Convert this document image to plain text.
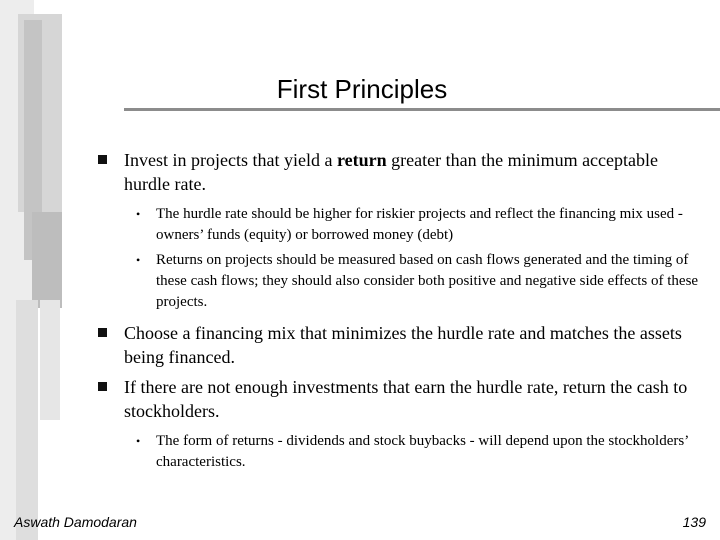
First Principles
Invest in projects that yield a return greater than the minimum acceptable hurdle rate.
• The hurdle rate should be higher for riskier projects and reflect the financing mix used - owners’ funds (equity) or borrowed money (debt)
• Returns on projects should be measured based on cash flows generated and the timing of these cash flows; they should also consider both positive and negative side effects of these projects.
Choose a financing mix that minimizes the hurdle rate and matches the assets being financed.
If there are not enough investments that earn the hurdle rate, return the cash to stockholders.
• The form of returns - dividends and stock buybacks - will depend upon the stockholders’ characteristics.
Aswath Damodaran	139
